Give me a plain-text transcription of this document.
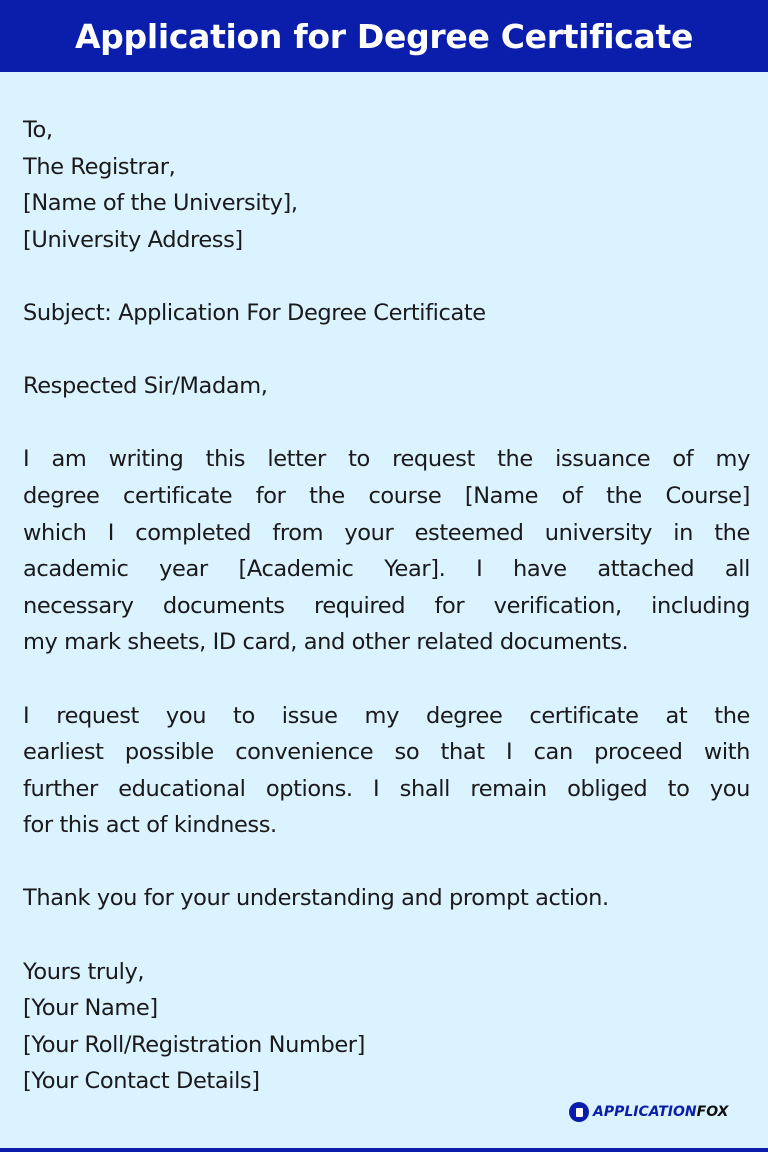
Application for Degree Certificate
To,
The Registrar,
[Name of the University],
[University Address]
Subject: Application For Degree Certificate
Respected Sir/Madam,
I am writing this letter to request the issuance of my
degree certificate for the course [Name of the Course]
which I completed from your esteemed university in the
academic year [Academic Year]. I have attached all
necessary documents required for verification, including
my mark sheets, ID card, and other related documents.
I request you to issue my degree certificate at the
earliest possible convenience so that I can proceed with
further educational options. I shall remain obliged to you
for this act of kindness.
Thank you for your understanding and prompt action.
Yours truly,
[Your Name]
[Your Roll/Registration Number]
[Your Contact Details]
APPLICATIONFOX
